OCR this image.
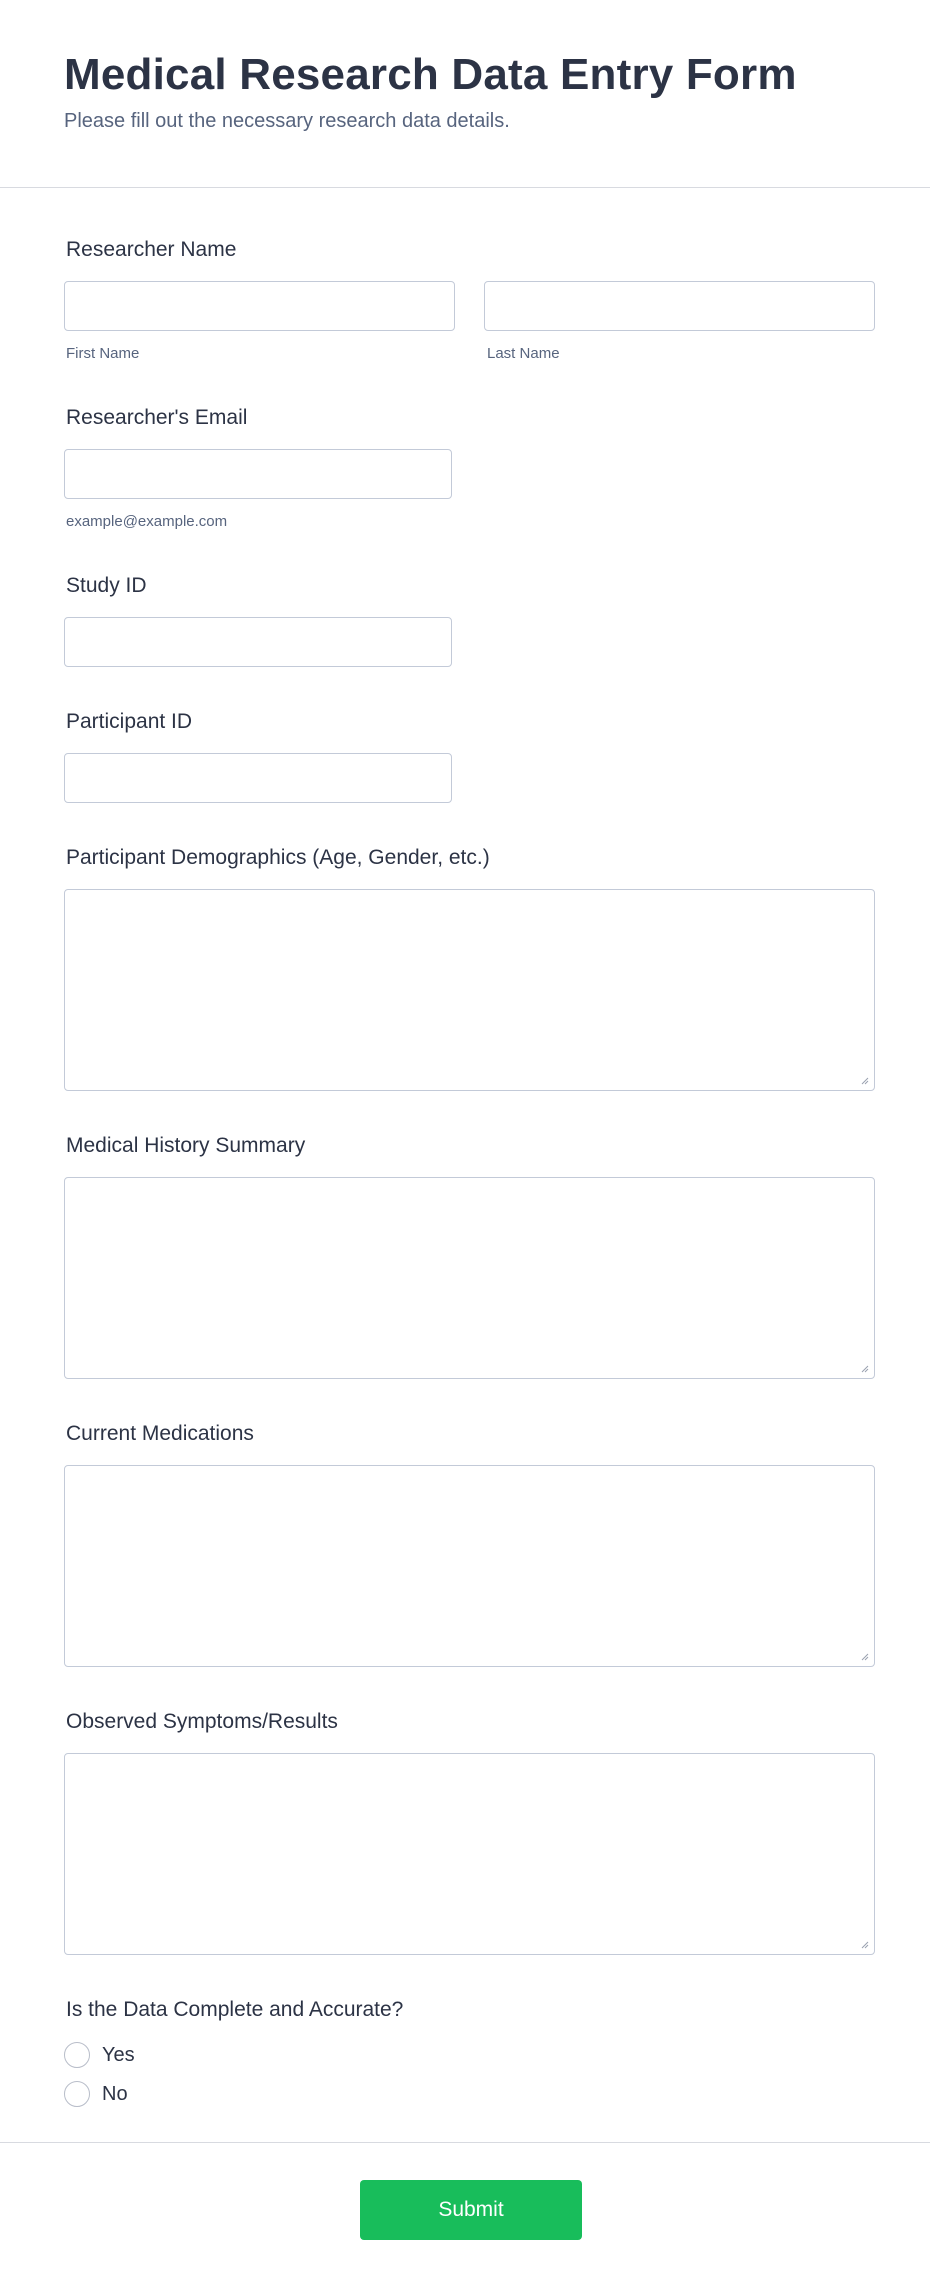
Medical Research Data Entry Form
Please fill out the necessary research data details.
Researcher Name
First Name	Last Name
Researcher's Email
example@example.com
Study ID
Participant ID
Participant Demographics (Age, Gender, etc.)
Medical History Summary
Current Medications
Observed Symptoms/Results
Is the Data Complete and Accurate?
Yes
No
Submit
